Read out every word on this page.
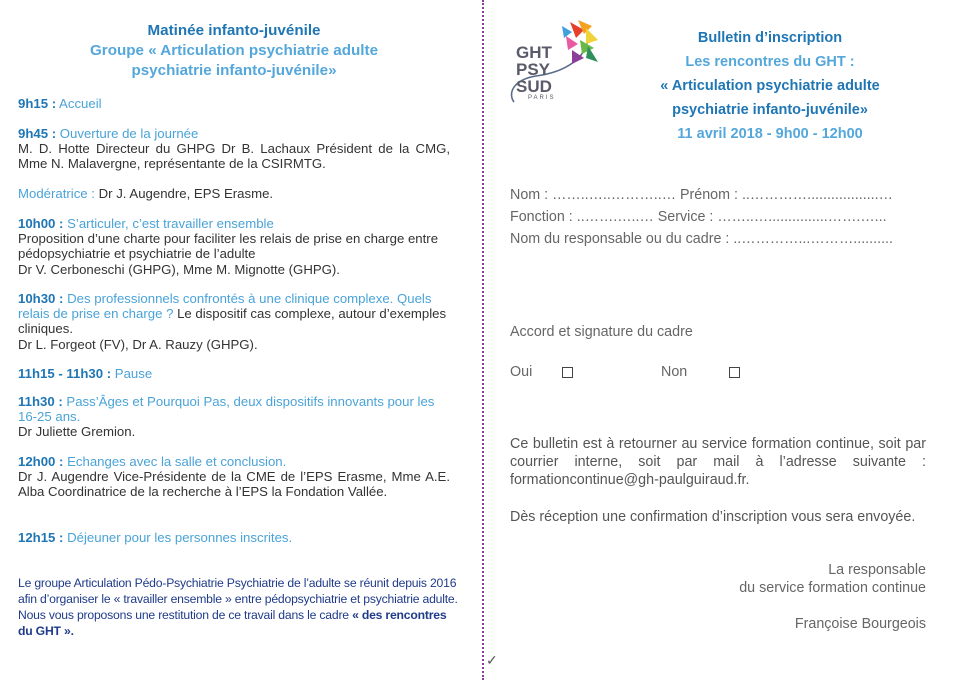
Matinée infanto-juvénile
Groupe « Articulation psychiatrie adulte
psychiatrie infanto-juvénile»
9h15 : Accueil
9h45 : Ouverture de la journée
M. D. Hotte Directeur du GHPG Dr B. Lachaux Président de la CMG, Mme N. Malavergne, représentante de la CSIRMTG.
Modératrice : Dr J. Augendre, EPS Erasme.
10h00 : S’articuler, c’est travailler ensemble
Proposition d’une charte pour faciliter les relais de prise en charge entre pédopsychiatrie et psychiatrie de l’adulte
Dr V. Cerboneschi (GHPG), Mme M. Mignotte (GHPG).
10h30 : Des professionnels confrontés à une clinique complexe. Quels relais de prise en charge ? Le dispositif cas complexe, autour d’exemples cliniques.
Dr L. Forgeot (FV), Dr A. Rauzy (GHPG).
11h15 - 11h30 : Pause
11h30 : Pass’Âges et Pourquoi Pas, deux dispositifs innovants pour les 16-25 ans.
Dr Juliette Gremion.
12h00 : Echanges avec la salle et conclusion.
Dr J. Augendre Vice-Présidente de la CME de l’EPS Erasme, Mme A.E. Alba Coordinatrice de la recherche à l’EPS la Fondation Vallée.
12h15 : Déjeuner pour les personnes inscrites.
Le groupe Articulation Pédo-Psychiatrie Psychiatrie de l’adulte se réunit depuis 2016 afin d’organiser le « travailler ensemble » entre pédopsychiatrie et psychiatrie adulte. Nous vous proposons une restitution de ce travail dans le cadre « des rencontres du GHT ».
✓
GHT
PSY
SUD
PARIS
Bulletin d’inscription
Les rencontres du GHT :
« Articulation psychiatrie adulte
psychiatrie infanto-juvénile»
11 avril 2018 - 9h00 - 12h00
Nom : ……..…..………..… Prénom : ..…………..................…
Fonction : ..…….…..… Service : ……..…...............…….…...
Nom du responsable ou du cadre : ..…………...………..........
Accord et signature du cadre
Oui	Non
Ce bulletin est à retourner au service formation continue, soit par courrier interne, soit par mail à l’adresse suivante : formationcontinue@gh-paulguiraud.fr.
Dès réception une confirmation d’inscription vous sera envoyée.
La responsable
du service formation continue
Françoise Bourgeois
